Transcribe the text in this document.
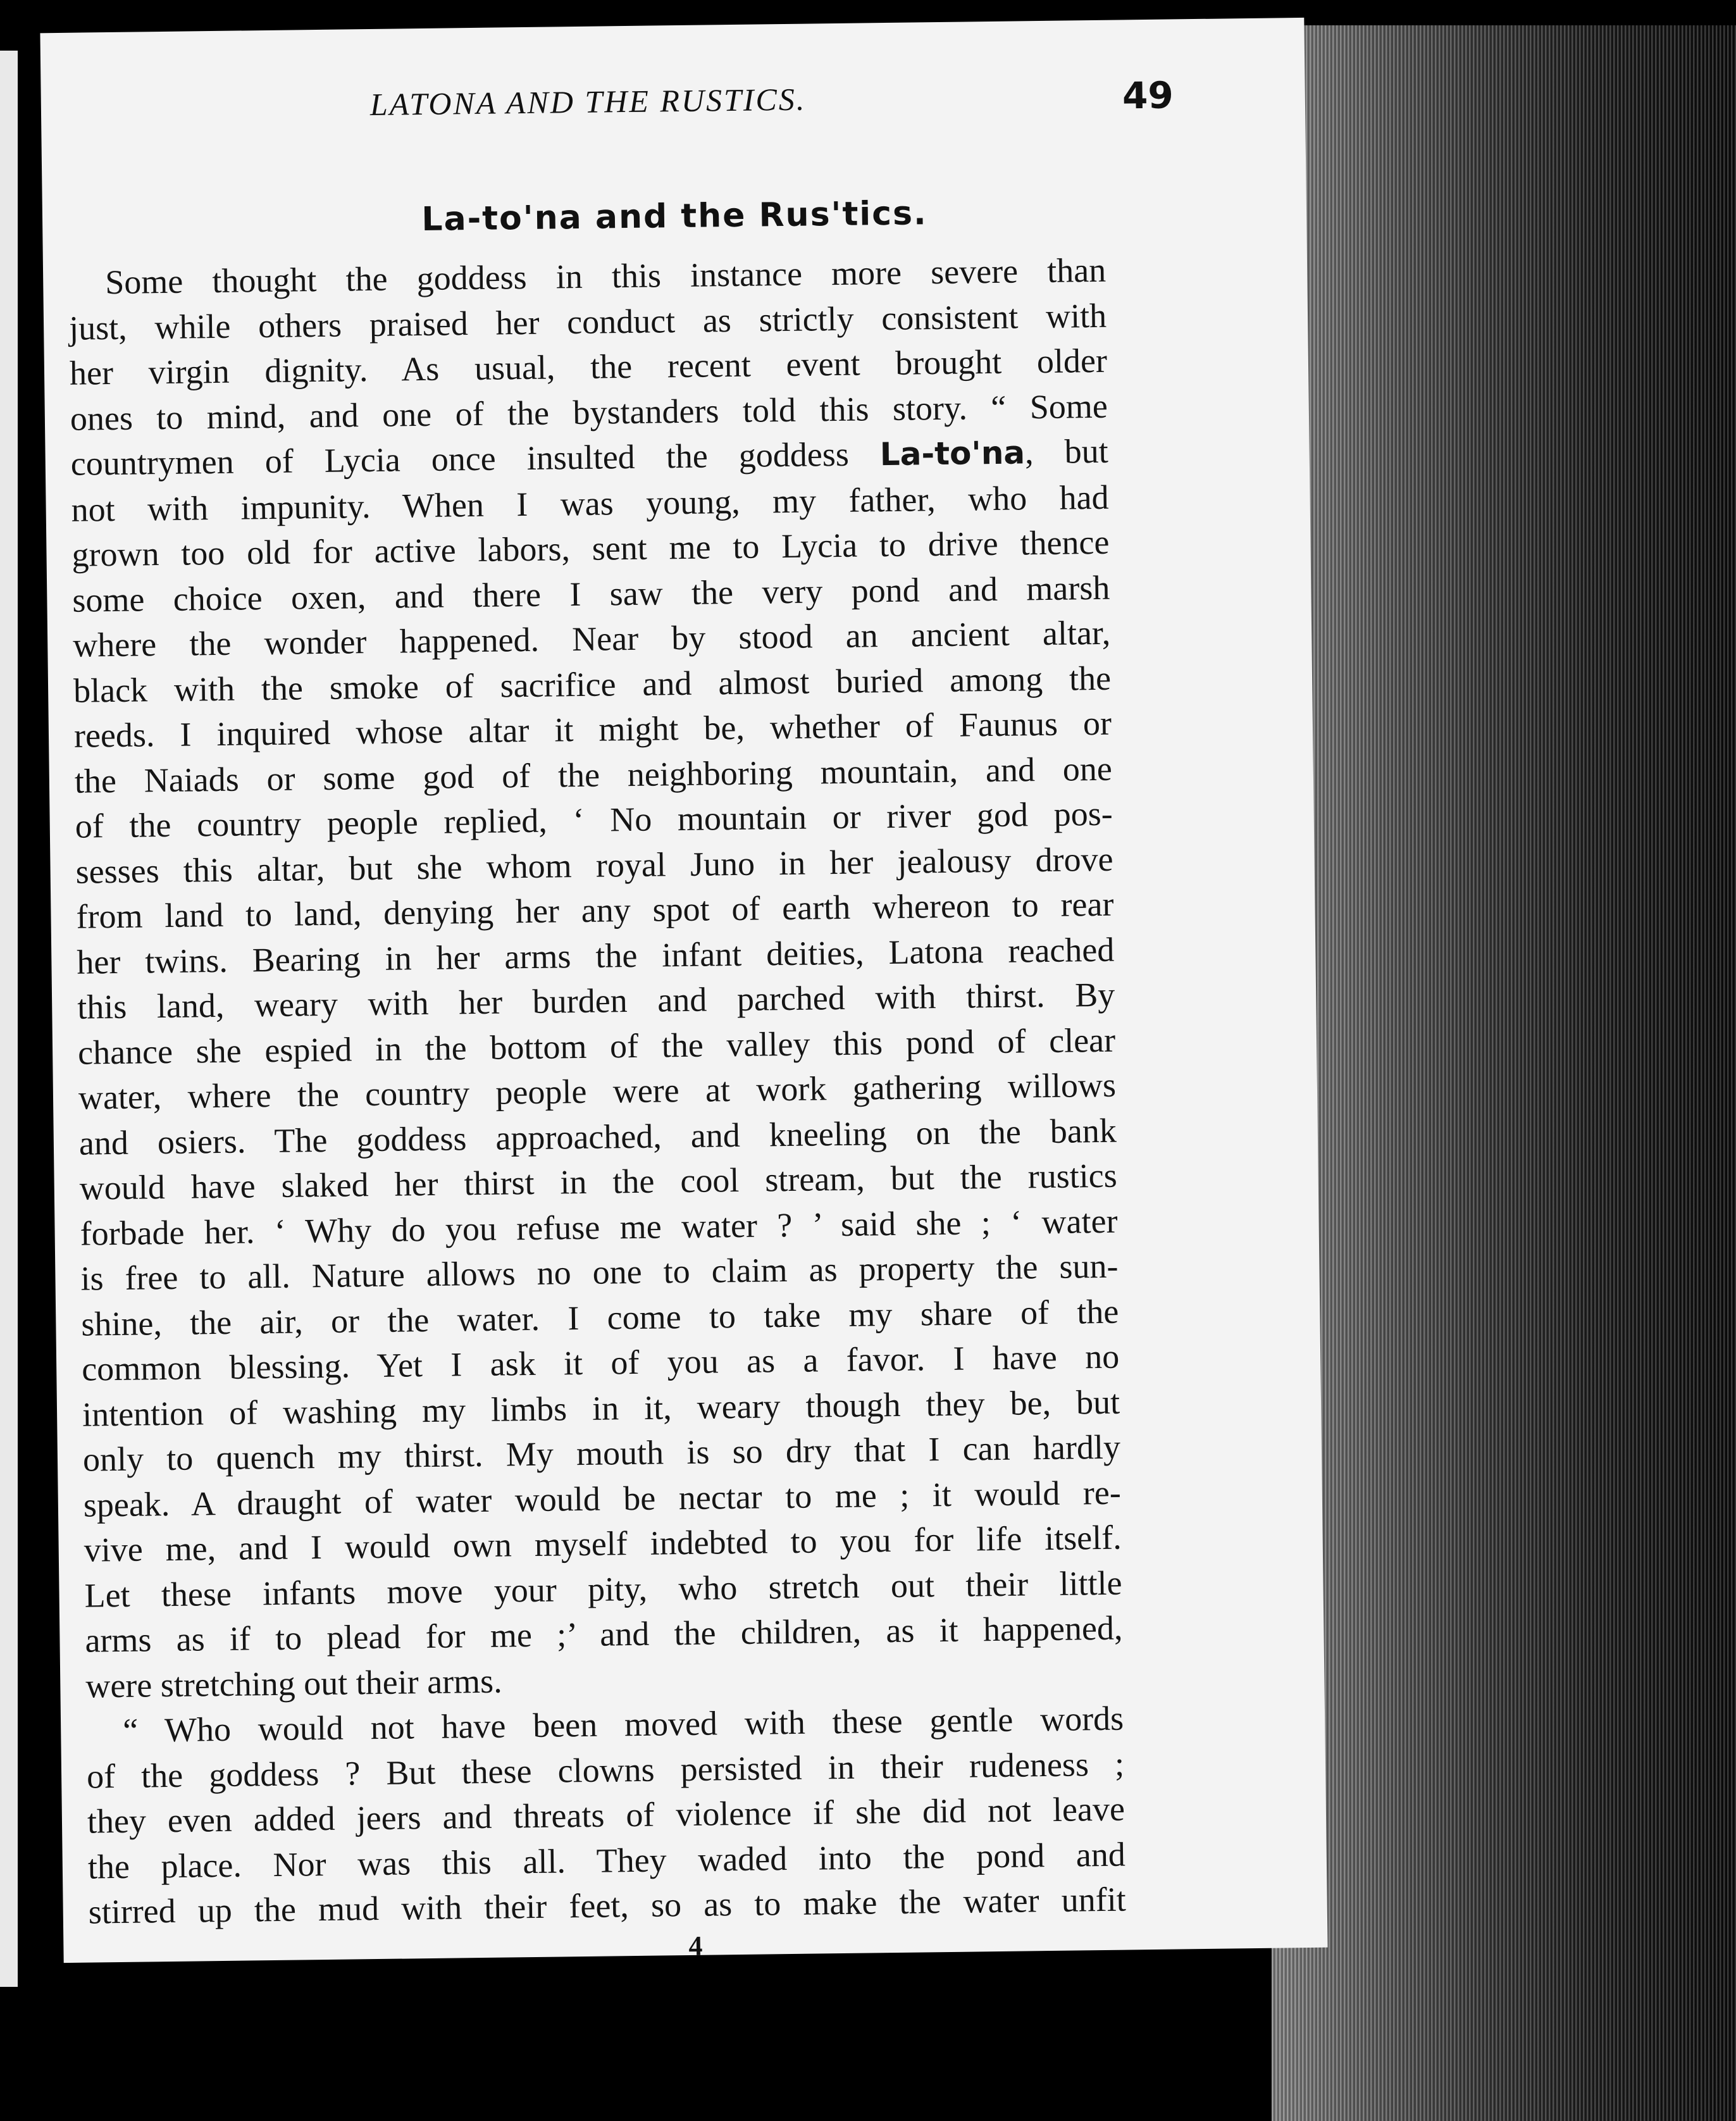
LATONA AND THE RUSTICS.	49
La-to'na and the Rus'tics.
Some thought the goddess in this instance more severe than
just, while others praised her conduct as strictly consistent with
her virgin dignity. As usual, the recent event brought older
ones to mind, and one of the bystanders told this story. “ Some
countrymen of Lycia once insulted the goddess La-to'na, but
not with impunity. When I was young, my father, who had
grown too old for active labors, sent me to Lycia to drive thence
some choice oxen, and there I saw the very pond and marsh
where the wonder happened. Near by stood an ancient altar,
black with the smoke of sacrifice and almost buried among the
reeds. I inquired whose altar it might be, whether of Faunus or
the Naiads or some god of the neighboring mountain, and one
of the country people replied, ‘ No mountain or river god pos-
sesses this altar, but she whom royal Juno in her jealousy drove
from land to land, denying her any spot of earth whereon to rear
her twins. Bearing in her arms the infant deities, Latona reached
this land, weary with her burden and parched with thirst. By
chance she espied in the bottom of the valley this pond of clear
water, where the country people were at work gathering willows
and osiers. The goddess approached, and kneeling on the bank
would have slaked her thirst in the cool stream, but the rustics
forbade her. ‘ Why do you refuse me water ? ’ said she ; ‘ water
is free to all. Nature allows no one to claim as property the sun-
shine, the air, or the water. I come to take my share of the
common blessing. Yet I ask it of you as a favor. I have no
intention of washing my limbs in it, weary though they be, but
only to quench my thirst. My mouth is so dry that I can hardly
speak. A draught of water would be nectar to me ; it would re-
vive me, and I would own myself indebted to you for life itself.
Let these infants move your pity, who stretch out their little
arms as if to plead for me ;’ and the children, as it happened,
were stretching out their arms.
“ Who would not have been moved with these gentle words
of the goddess ? But these clowns persisted in their rudeness ;
they even added jeers and threats of violence if she did not leave
the place. Nor was this all. They waded into the pond and
stirred up the mud with their feet, so as to make the water unfit
4
